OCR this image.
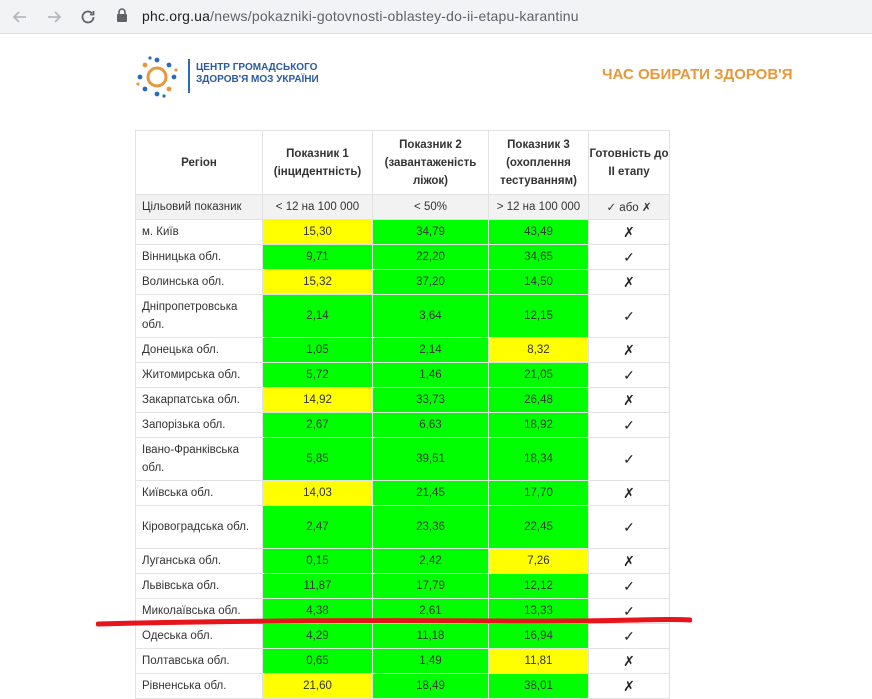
phc.org.ua/news/pokazniki-gotovnosti-oblastey-do-ii-etapu-karantinu
ЦЕНТР ГРОМАДСЬКОГО
ЗДОРОВ'Я МОЗ УКРАЇНИ	ЧАС ОБИРАТИ ЗДОРОВ'Я
Регіон	Показник 1 (інцидентність)	Показник 2 (завантаженість ліжок)	Показник 3 (охоплення тестуванням)	Готовність до ІІ етапу
Цільовий показник	< 12 на 100 000	< 50%	> 12 на 100 000	✓ або ✗
м. Київ	15,30	34,79	43,49	✗
Вінницька обл.	9,71	22,20	34,65	✓
Волинська обл.	15,32	37,20	14,50	✗
Дніпропетровська обл.	2,14	3,64	12,15	✓
Донецька обл.	1,05	2,14	8,32	✗
Житомирська обл.	5,72	1,46	21,05	✓
Закарпатська обл.	14,92	33,73	26,48	✗
Запорізька обл.	2,67	6,63	18,92	✓
Івано-Франківська обл.	5,85	39,51	18,34	✓
Київська обл.	14,03	21,45	17,70	✗
Кіровоградська обл.	2,47	23,36	22,45	✓
Луганська обл.	0,15	2,42	7,26	✗
Львівська обл.	11,87	17,79	12,12	✓
Миколаївська обл.	4,38	2,61	13,33	✓
Одеська обл.	4,29	11,18	16,94	✓
Полтавська обл.	0,65	1,49	11,81	✗
Рівненська обл.	21,60	18,49	38,01	✗
